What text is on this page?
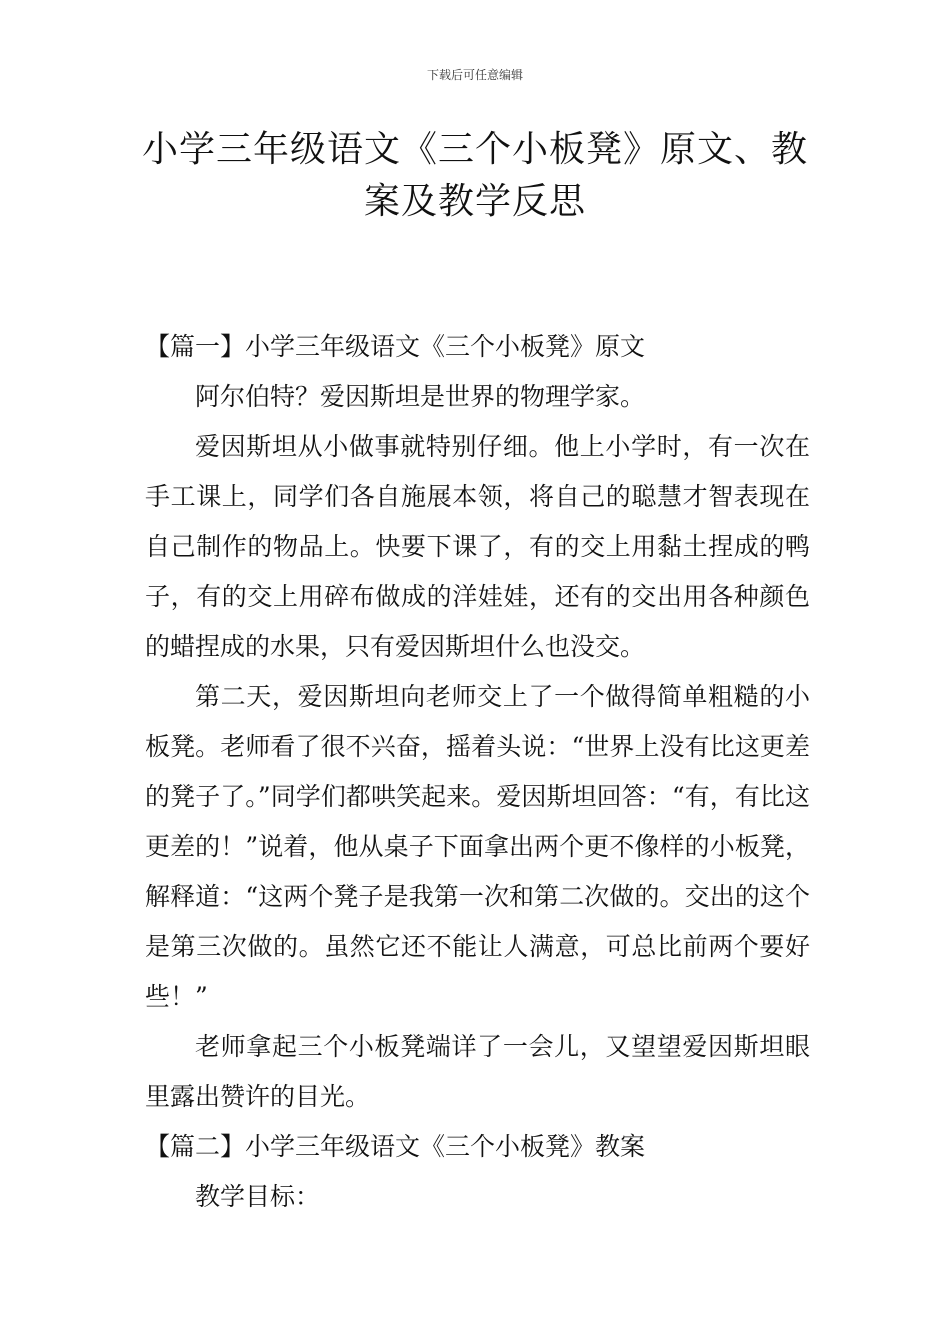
下载后可任意编辑
小学三年级语文《三个小板凳》原文、教案及教学反思

【篇一】小学三年级语文《三个小板凳》原文

阿尔伯特？爱因斯坦是世界的物理学家。

爱因斯坦从小做事就特别仔细。他上小学时，有一次在手工课上，同学们各自施展本领，将自己的聪慧才智表现在自己制作的物品上。快要下课了，有的交上用黏土捏成的鸭子，有的交上用碎布做成的洋娃娃，还有的交出用各种颜色的蜡捏成的水果，只有爱因斯坦什么也没交。

第二天，爱因斯坦向老师交上了一个做得简单粗糙的小板凳。老师看了很不兴奋，摇着头说：“世界上没有比这更差的凳子了。”同学们都哄笑起来。爱因斯坦回答：“有，有比这更差的！”说着，他从桌子下面拿出两个更不像样的小板凳，解释道：“这两个凳子是我第一次和第二次做的。交出的这个是第三次做的。虽然它还不能让人满意，可总比前两个要好些！”

老师拿起三个小板凳端详了一会儿，又望望爱因斯坦眼里露出赞许的目光。

【篇二】小学三年级语文《三个小板凳》教案

教学目标：
